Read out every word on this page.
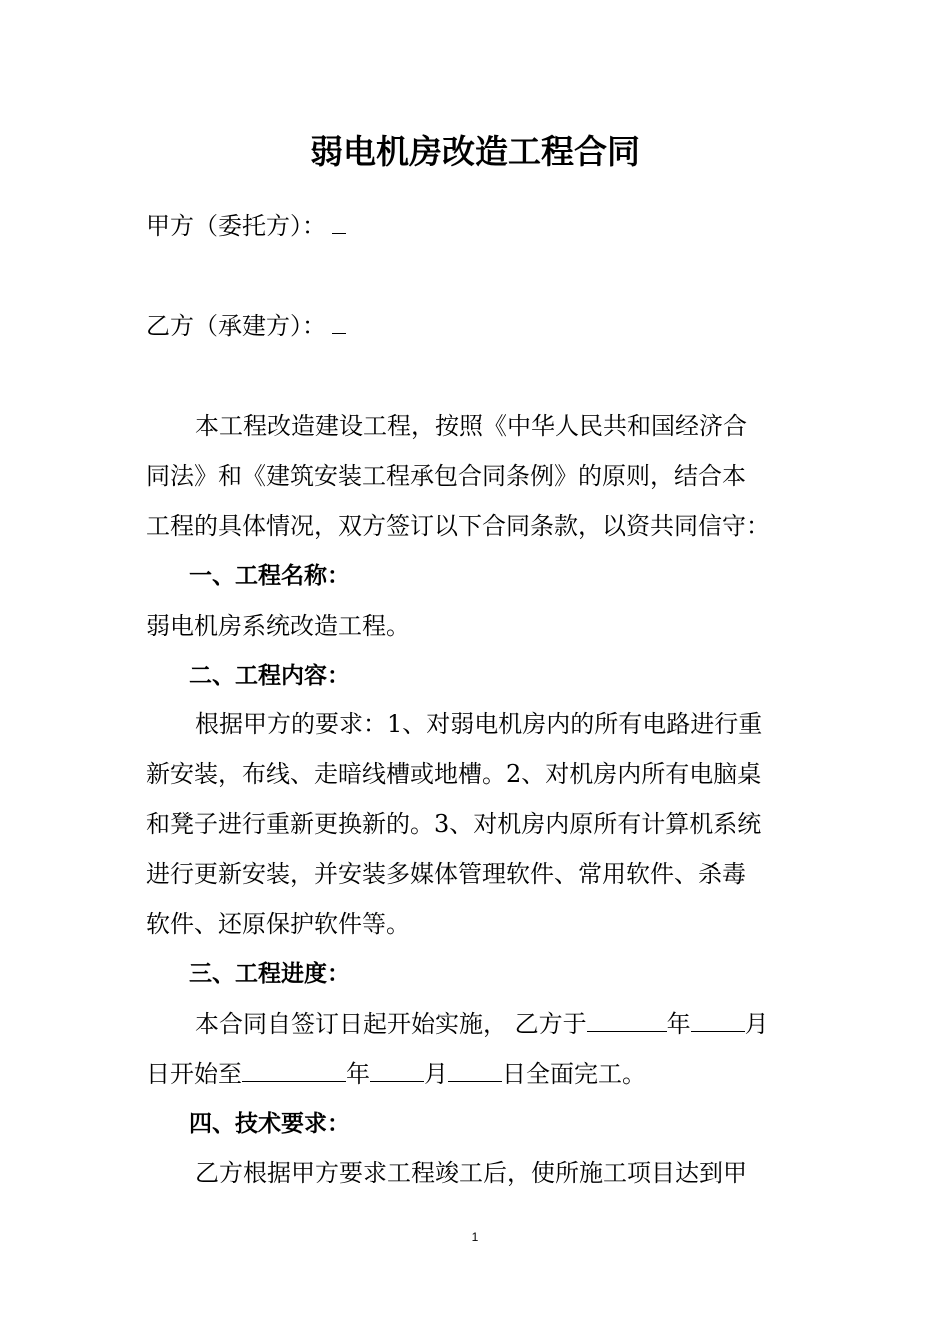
弱电机房改造工程合同
甲方（委托方）：
乙方（承建方）：
本工程改造建设工程，按照《中华人民共和国经济合
同法》和《建筑安装工程承包合同条例》的原则，结合本
工程的具体情况，双方签订以下合同条款，以资共同信守：
一、工程名称：
弱电机房系统改造工程。
二、工程内容：
根据甲方的要求：1、对弱电机房内的所有电路进行重
新安装，布线、走暗线槽或地槽。2、对机房内所有电脑桌
和凳子进行重新更换新的。3、对机房内原所有计算机系统
进行更新安装，并安装多媒体管理软件、常用软件、杀毒
软件、还原保护软件等。
三、工程进度：
本合同自签订日起开始实施， 乙方于	年 月
日开始至	年 月 日全面完工。
四、技术要求：
乙方根据甲方要求工程竣工后，使所施工项目达到甲
1
